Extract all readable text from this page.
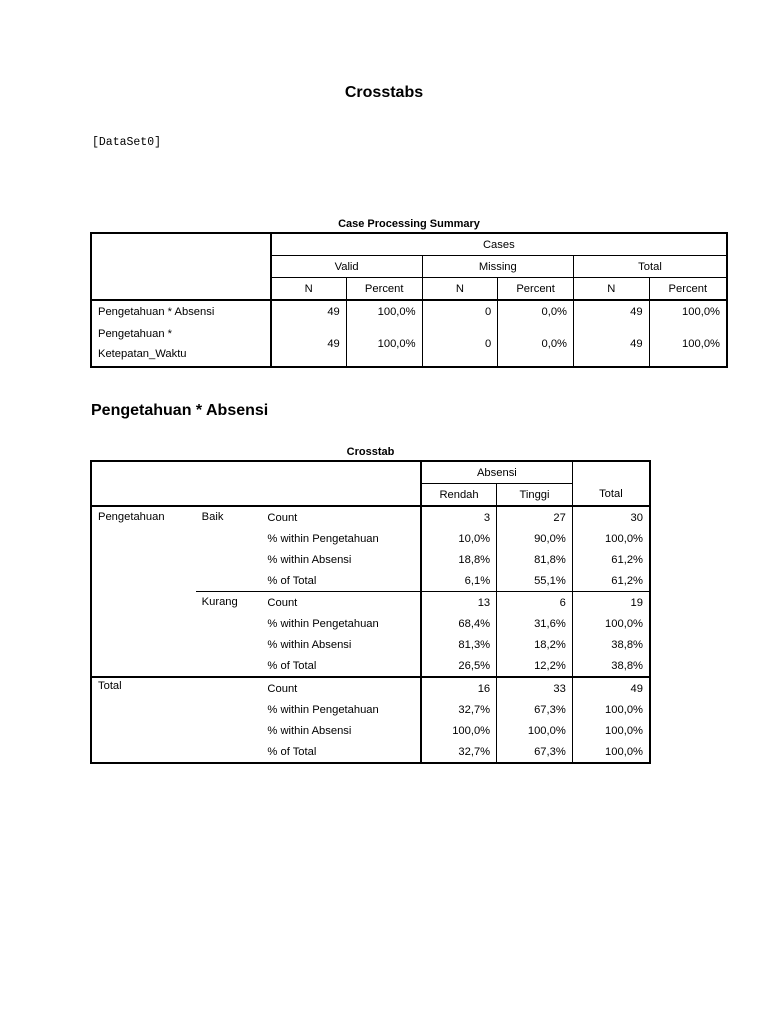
Crosstabs
[DataSet0]
Case Processing Summary
	Cases					
	Valid		Missing		Total	
	N	Percent	N	Percent	N	Percent
Pengetahuan * Absensi	49	100,0%	0	0,0%	49	100,0%

Pengetahuan *
Ketepatan_Waktu	49	100,0%	0	0,0%	49	100,0%
Pengetahuan * Absensi
Crosstab
			Absensi		
			Rendah	Tinggi	Total
Pengetahuan	Baik	Count	3	27	30
		% within Pengetahuan	10,0%	90,0%	100,0%
		% within Absensi	18,8%	81,8%	61,2%
		% of Total	6,1%	55,1%	61,2%
	Kurang	Count	13	6	19
		% within Pengetahuan	68,4%	31,6%	100,0%
		% within Absensi	81,3%	18,2%	38,8%
		% of Total	26,5%	12,2%	38,8%
Total		Count	16	33	49
		% within Pengetahuan	32,7%	67,3%	100,0%
		% within Absensi	100,0%	100,0%	100,0%
		% of Total	32,7%	67,3%	100,0%
